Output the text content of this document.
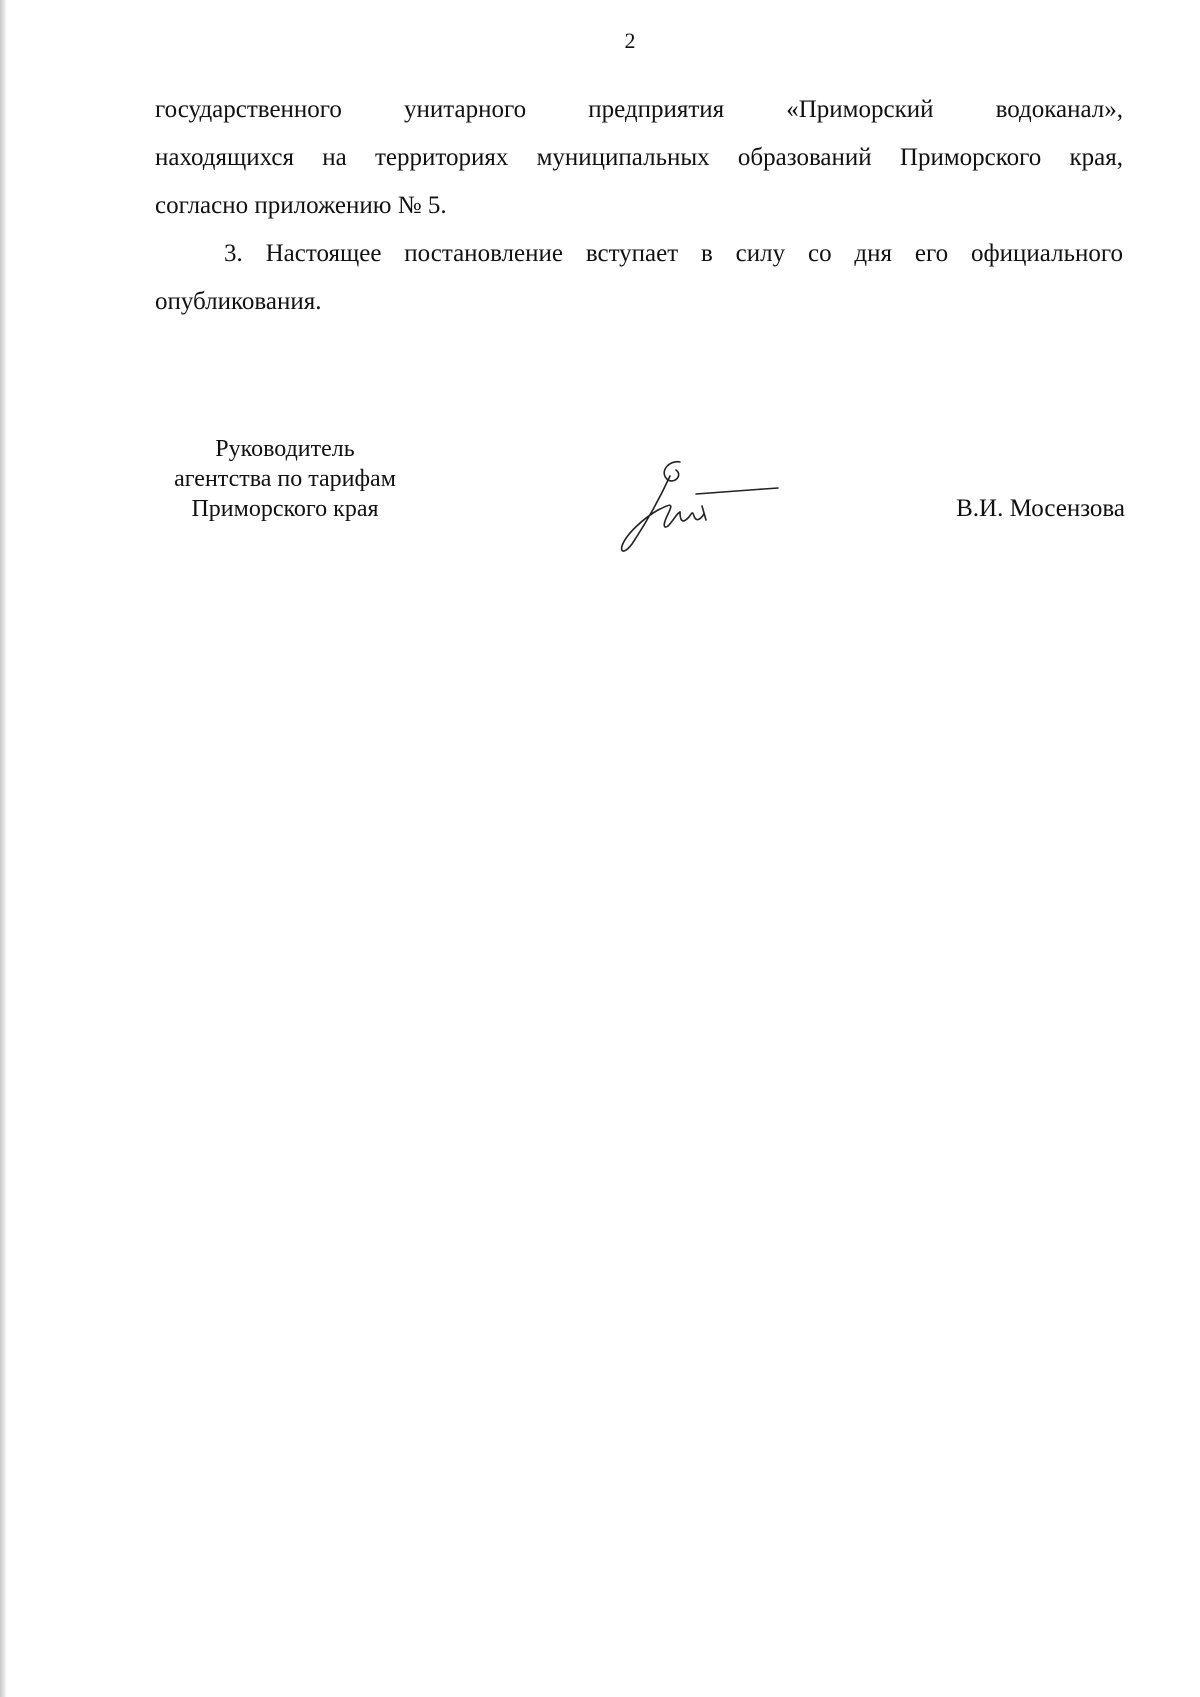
2

государственного унитарного предприятия «Приморский водоканал»,
находящихся на территориях муниципальных образований Приморского края,
согласно приложению № 5.

3. Настоящее постановление вступает в силу со дня его официального
опубликования.

Руководитель
агентства по тарифам
Приморского края	В.И. Мосензова
